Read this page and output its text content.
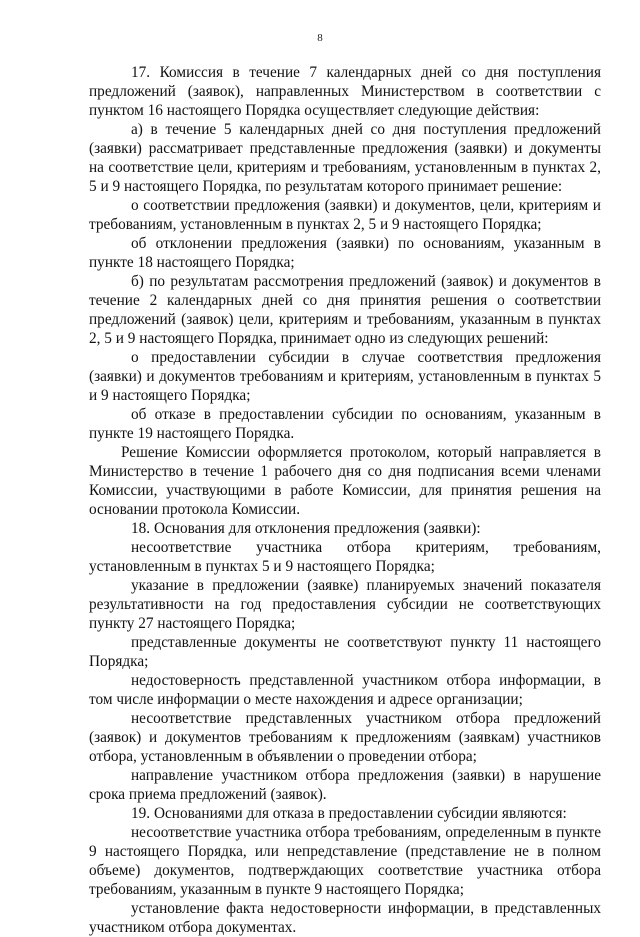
8

17. Комиссия в течение 7 календарных дней со дня поступления предложений (заявок), направленных Министерством в соответствии с пунктом 16 настоящего Порядка осуществляет следующие действия:

а) в течение 5 календарных дней со дня поступления предложений (заявки) рассматривает представленные предложения (заявки) и документы на соответствие цели, критериям и требованиям, установленным в пунктах 2, 5 и 9 настоящего Порядка, по результатам которого принимает решение:

о соответствии предложения (заявки) и документов, цели, критериям и требованиям, установленным в пунктах 2, 5 и 9 настоящего Порядка;

об отклонении предложения (заявки) по основаниям, указанным в пункте 18 настоящего Порядка;

б) по результатам рассмотрения предложений (заявок) и документов в течение 2 календарных дней со дня принятия решения о соответствии предложений (заявок) цели, критериям и требованиям, указанным в пунктах 2, 5 и 9 настоящего Порядка, принимает одно из следующих решений:

о предоставлении субсидии в случае соответствия предложения (заявки) и документов требованиям и критериям, установленным в пунктах 5 и 9 настоящего Порядка;

об отказе в предоставлении субсидии по основаниям, указанным в пункте 19 настоящего Порядка.

Решение Комиссии оформляется протоколом, который направляется в Министерство в течение 1 рабочего дня со дня подписания всеми членами Комиссии, участвующими в работе Комиссии, для принятия решения на основании протокола Комиссии.

18. Основания для отклонения предложения (заявки):

несоответствие участника отбора критериям, требованиям, установленным в пунктах 5 и 9 настоящего Порядка;

указание в предложении (заявке) планируемых значений показателя результативности на год предоставления субсидии не соответствующих пункту 27 настоящего Порядка;

представленные документы не соответствуют пункту 11 настоящего Порядка;

недостоверность представленной участником отбора информации, в том числе информации о месте нахождения и адресе организации;

несоответствие представленных участником отбора предложений (заявок) и документов требованиям к предложениям (заявкам) участников отбора, установленным в объявлении о проведении отбора;

направление участником отбора предложения (заявки) в нарушение срока приема предложений (заявок).

19. Основаниями для отказа в предоставлении субсидии являются:

несоответствие участника отбора требованиям, определенным в пункте 9 настоящего Порядка, или непредставление (представление не в полном объеме) документов, подтверждающих соответствие участника отбора требованиям, указанным в пункте 9 настоящего Порядка;

установление факта недостоверности информации, в представленных участником отбора документах.
